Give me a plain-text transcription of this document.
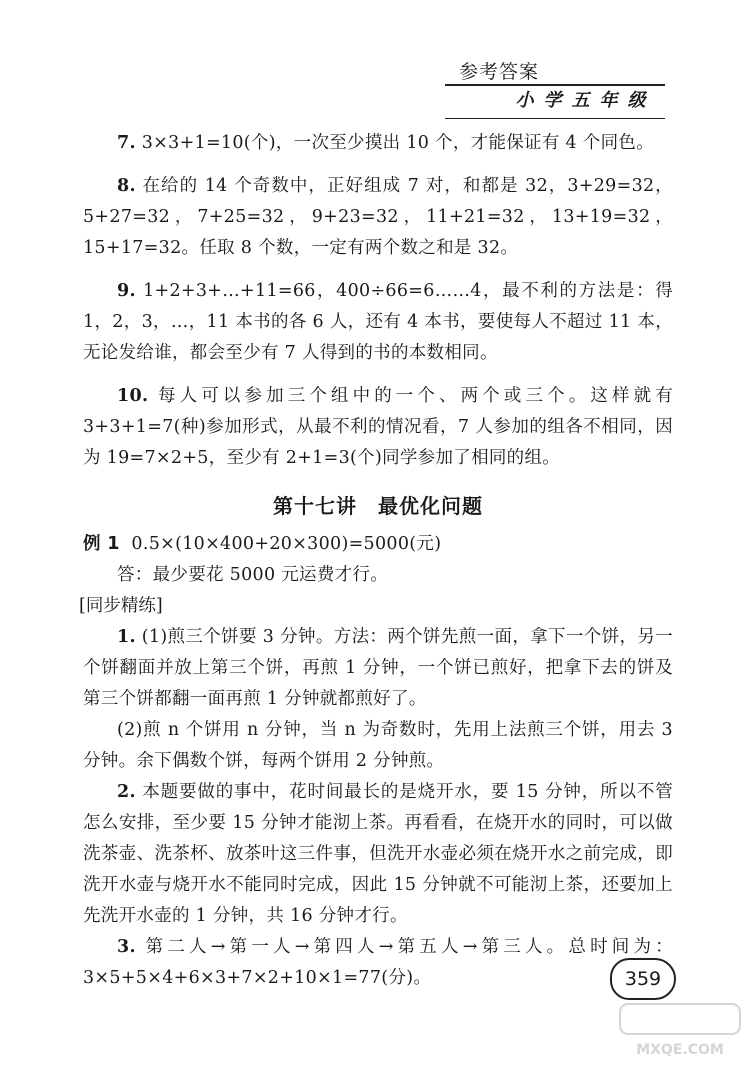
参考答案
小 学 五 年 级

7. 3×3+1=10(个)，一次至少摸出 10 个，才能保证有 4 个同色。

8. 在给的 14 个奇数中，正好组成 7 对，和都是 32，3+29=32，5+27=32，7+25=32，9+23=32，11+21=32，13+19=32，15+17=32。任取 8 个数，一定有两个数之和是 32。

9. 1+2+3+…+11=66，400÷66=6……4，最不利的方法是：得 1，2，3，…，11 本书的各 6 人，还有 4 本书，要使每人不超过 11 本，无论发给谁，都会至少有 7 人得到的书的本数相同。

10. 每人可以参加三个组中的一个、两个或三个。这样就有 3+3+1=7(种)参加形式，从最不利的情况看，7 人参加的组各不相同，因为 19=7×2+5，至少有 2+1=3(个)同学参加了相同的组。

第十七讲　最优化问题

例 1 0.5×(10×400+20×300)=5000(元)

答：最少要花 5000 元运费才行。

[同步精练]

1. (1)煎三个饼要 3 分钟。方法：两个饼先煎一面，拿下一个饼，另一个饼翻面并放上第三个饼，再煎 1 分钟，一个饼已煎好，把拿下去的饼及第三个饼都翻一面再煎 1 分钟就都煎好了。

(2)煎 n 个饼用 n 分钟，当 n 为奇数时，先用上法煎三个饼，用去 3 分钟。余下偶数个饼，每两个饼用 2 分钟煎。

2. 本题要做的事中，花时间最长的是烧开水，要 15 分钟，所以不管怎么安排，至少要 15 分钟才能沏上茶。再看看，在烧开水的同时，可以做洗茶壶、洗茶杯、放茶叶这三件事，但洗开水壶必须在烧开水之前完成，即洗开水壶与烧开水不能同时完成，因此 15 分钟就不可能沏上茶，还要加上先洗开水壶的 1 分钟，共 16 分钟才行。

3. 第二人→第一人→第四人→第五人→第三人。总时间为：3×5+5×4+6×3+7×2+10×1=77(分)。	359
MXQE.COM
